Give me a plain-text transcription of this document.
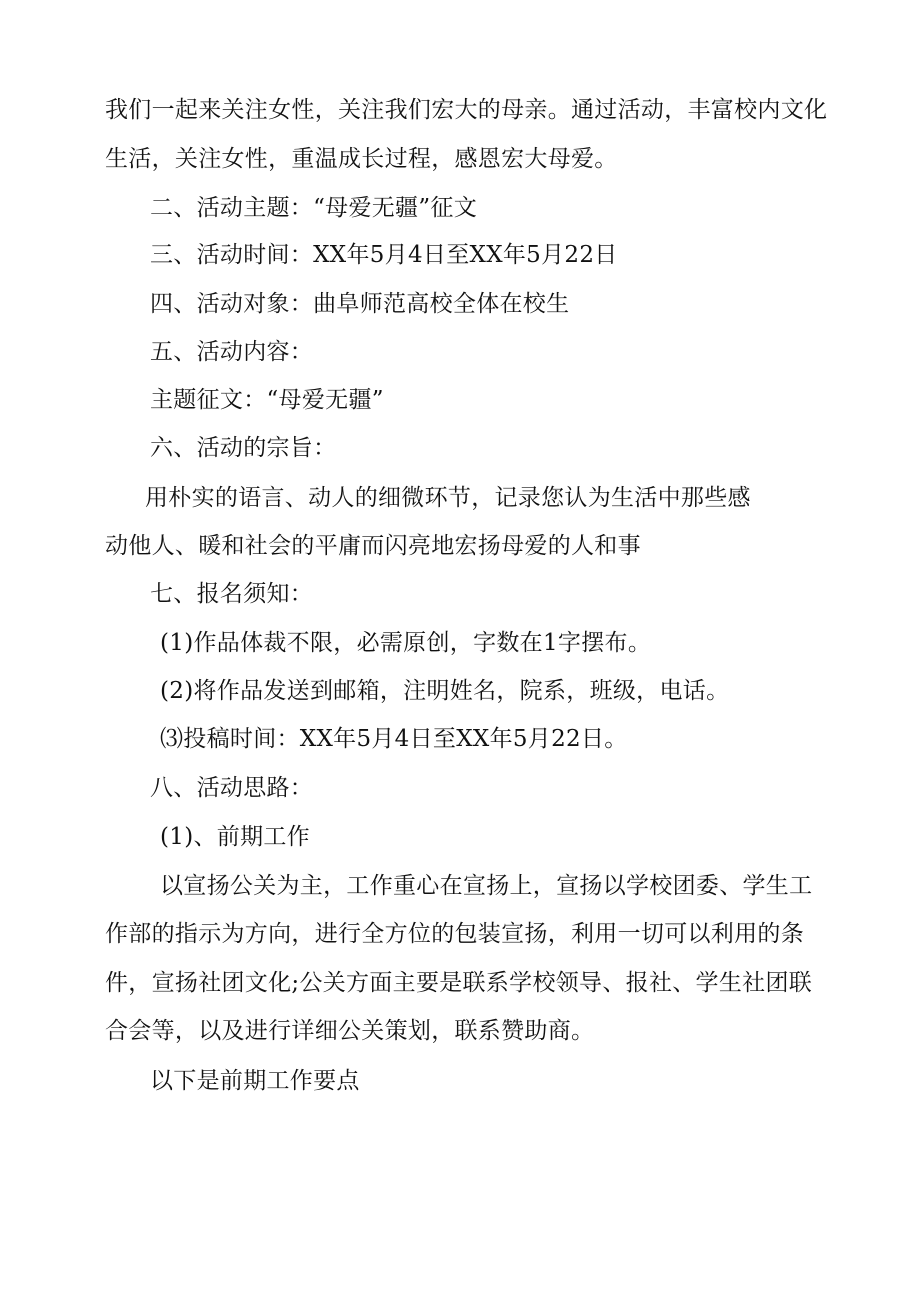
我们一起来关注女性，关注我们宏大的母亲。通过活动，丰富校内文化
生活，关注女性，重温成长过程，感恩宏大母爱。
二、活动主题：“母爱无疆”征文
三、活动时间：XX年5月4日至XX年5月22日
四、活动对象：曲阜师范高校全体在校生
五、活动内容：
主题征文：“母爱无疆”
六、活动的宗旨：
用朴实的语言、动人的细微环节，记录您认为生活中那些感
动他人、暖和社会的平庸而闪亮地宏扬母爱的人和事
七、报名须知：
(1)作品体裁不限，必需原创，字数在1字摆布。
(2)将作品发送到邮箱，注明姓名，院系，班级，电话。
⑶投稿时间：XX年5月4日至XX年5月22日。
八、活动思路：
(1)、前期工作
以宣扬公关为主，工作重心在宣扬上，宣扬以学校团委、学生工
作部的指示为方向，进行全方位的包装宣扬，利用一切可以利用的条
件，宣扬社团文化;公关方面主要是联系学校领导、报社、学生社团联
合会等，以及进行详细公关策划，联系赞助商。
以下是前期工作要点
